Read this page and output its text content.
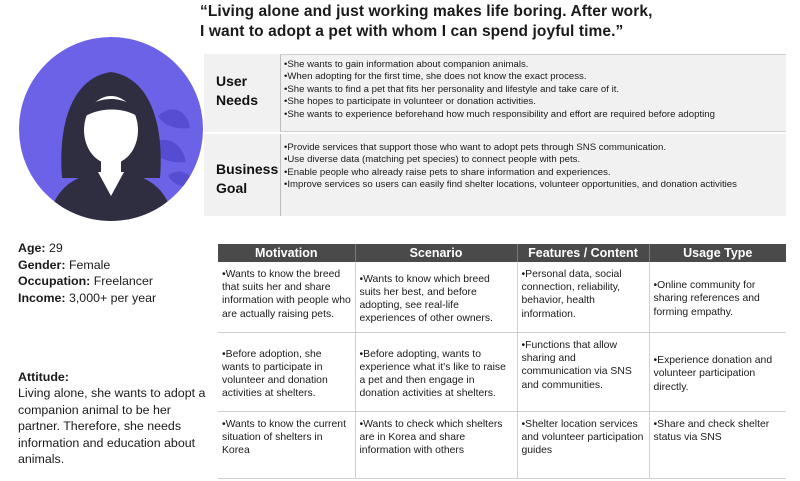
“Living alone and just working makes life boring. After work,
I want to adopt a pet with whom I can spend joyful time.”
User
Needs
•She wants to gain information about companion animals.
•When adopting for the first time, she does not know the exact process.
•She wants to find a pet that fits her personality and lifestyle and take care of it.
•She hopes to participate in volunteer or donation activities.
•She wants to experience beforehand how much responsibility and effort are required before adopting
Business
Goal
•Provide services that support those who want to adopt pets through SNS communication.
•Use diverse data (matching pet species) to connect people with pets.
•Enable people who already raise pets to share information and experiences.
•Improve services so users can easily find shelter locations, volunteer opportunities, and donation activities
Age: 29
Gender: Female
Occupation: Freelancer
Income: 3,000+ per year
Attitude:
Living alone, she wants to adopt a companion animal to be her partner. Therefore, she needs information and education about animals.
Motivation	Scenario	Features / Content	Usage Type
•Wants to know the breed that suits her and share information with people who are actually raising pets.	•Wants to know which breed suits her best, and before adopting, see real-life experiences of other owners.	•Personal data, social connection, reliability, behavior, health information.	•Online community for sharing references and forming empathy.
•Before adoption, she wants to participate in volunteer and donation activities at shelters.	•Before adopting, wants to experience what it's like to raise a pet and then engage in donation activities at shelters.	•Functions that allow sharing and communication via SNS and communities.	•Experience donation and volunteer participation directly.
•Wants to know the current situation of shelters in Korea	•Wants to check which shelters are in Korea and share information with others	•Shelter location services and volunteer participation guides	•Share and check shelter status via SNS
